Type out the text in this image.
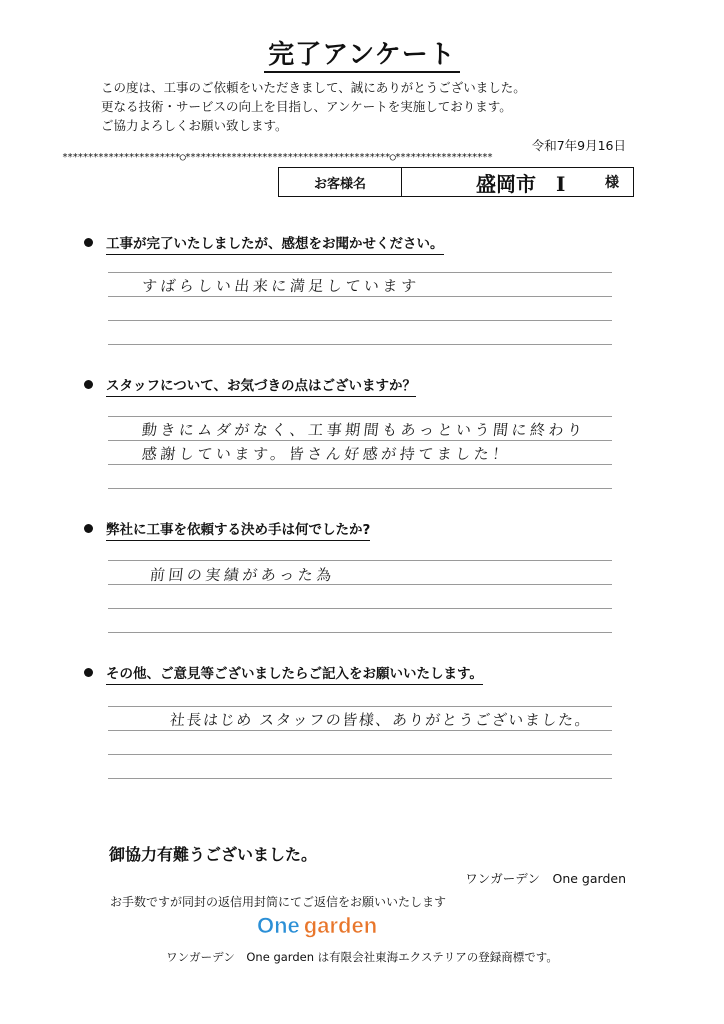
完了アンケート
この度は、工事のご依頼をいただきまして、誠にありがとうございました。
更なる技術・サービスの向上を目指し、アンケートを実施しております。
ご協力よろしくお願い致します。
令和7年9月16日
***********************○****************************************○*******************
お客様名	盛岡市　I	様
工事が完了いたしましたが、感想をお聞かせください。
すばらしい出来に満足しています
スタッフについて、お気づきの点はございますか？
動きにムダがなく、工事期間もあっという間に終わり
感謝しています。皆さん好感が持てました！
弊社に工事を依頼する決め手は何でしたか?
前回の実績があった為
その他、ご意見等ございましたらご記入をお願いいたします。
社長はじめ スタッフの皆様、ありがとうございました。
御協力有難うございました。
ワンガーデン　One garden
お手数ですが同封の返信用封筒にてご返信をお願いいたします
One garden
ワンガーデン　One garden は有限会社東海エクステリアの登録商標です。
